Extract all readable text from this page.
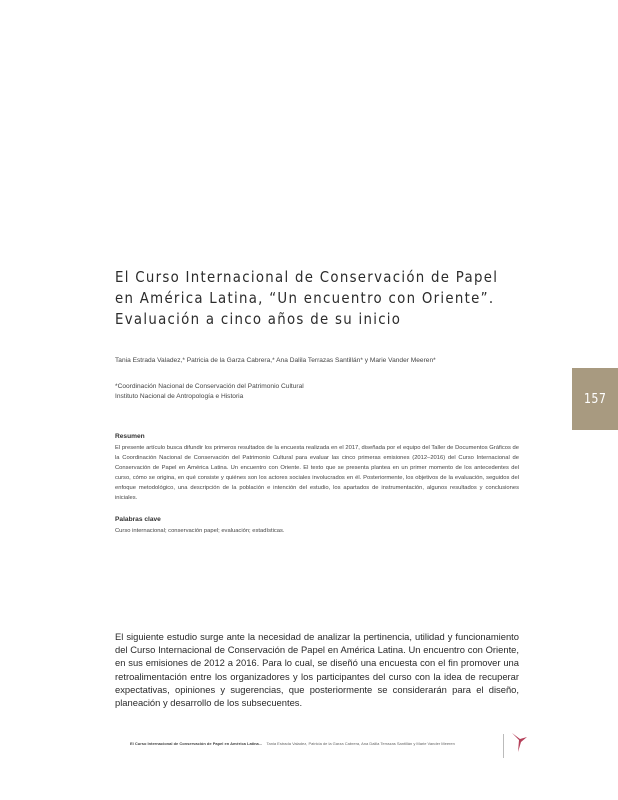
El Curso Internacional de Conservación de Papel
en América Latina, “Un encuentro con Oriente”.
Evaluación a cinco años de su inicio
Tania Estrada Valadez,* Patricia de la Garza Cabrera,* Ana Dalila Terrazas Santillán* y Marie Vander Meeren*
*Coordinación Nacional de Conservación del Patrimonio Cultural
Instituto Nacional de Antropología e Historia	157
Resumen

El presente artículo busca difundir los primeros resultados de la encuesta realizada en el 2017, diseñada por el equipo del Taller de Documentos Gráficos de la Coordinación Nacional de Conservación del Patrimonio Cultural para evaluar las cinco primeras emisiones (2012–2016) del Curso Internacional de Conservación de Papel en América Latina. Un encuentro con Oriente. El texto que se presenta plantea en un primer momento de los antecedentes del curso, cómo se origina, en qué consiste y quiénes son los actores sociales involucrados en él. Posteriormente, los objetivos de la evaluación, seguidos del enfoque metodológico, una descripción de la población e intención del estudio, los apartados de instrumentación, algunos resultados y conclusiones iniciales.

Palabras clave

Curso internacional; conservación papel; evaluación; estadísticas.

El siguiente estudio surge ante la necesidad de analizar la pertinencia, utilidad y funcionamiento del Curso Internacional de Conservación de Papel en América Latina. Un encuentro con Oriente, en sus emisiones de 2012 a 2016. Para lo cual, se diseñó una encuesta con el fin promover una retroalimentación entre los organizadores y los participantes del curso con la idea de recuperar expectativas, opiniones y sugerencias, que posteriormente se considerarán para el diseño, planeación y desarrollo de los subsecuentes.

El Curso Internacional de Conservación de Papel en América Latina... Tania Estrada Valadez, Patricia de la Garza Cabrera, Ana Dalila Terrazas Santillán y Marie Vander Meeren
